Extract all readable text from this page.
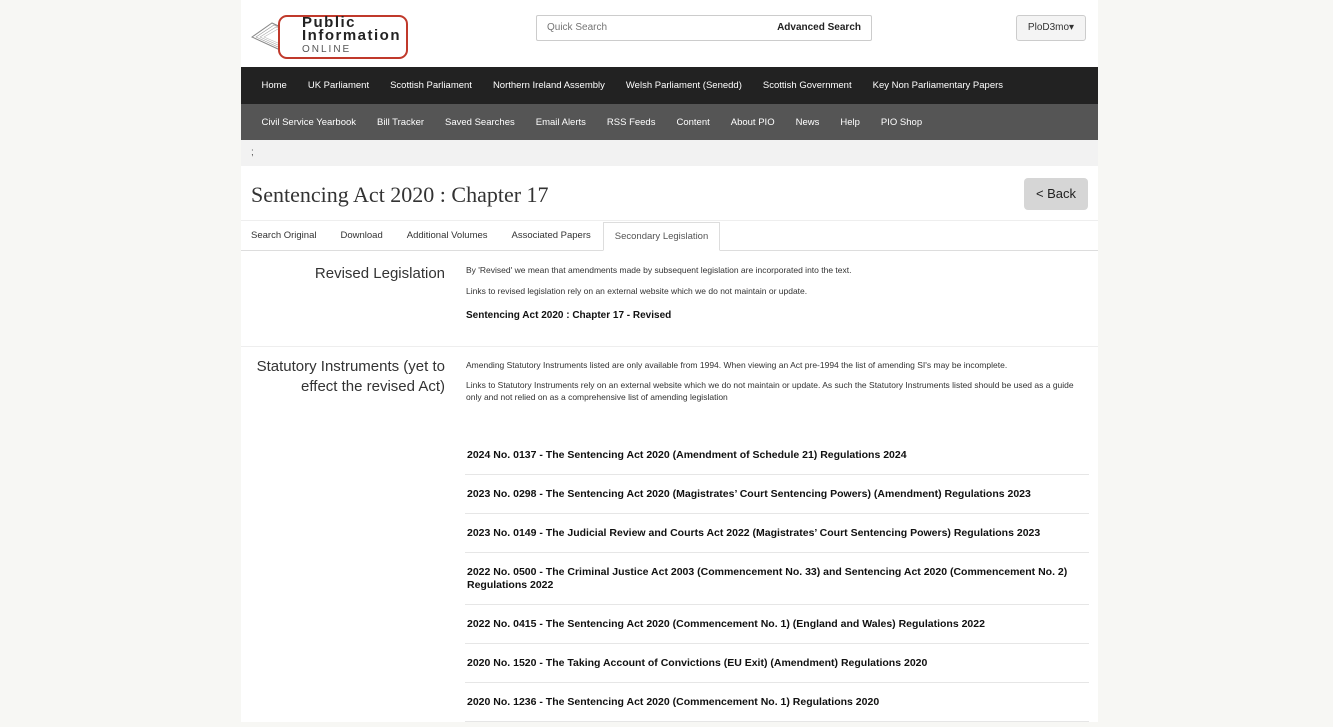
Public
Information
ONLINE
Quick Search
Advanced Search	PloD3mo▾
Home UK Parliament Scottish Parliament Northern Ireland Assembly Welsh Parliament (Senedd) Scottish Government Key Non Parliamentary Papers
Civil Service Yearbook Bill Tracker Saved Searches Email Alerts RSS Feeds Content About PIO News Help PIO Shop
;
Sentencing Act 2020 : Chapter 17	< Back
Search Original	Download	Additional Volumes	Associated Papers	Secondary Legislation
Revised Legislation By 'Revised' we mean that amendments made by subsequent legislation are incorporated into the text.
Links to revised legislation rely on an external website which we do not maintain or update.
Sentencing Act 2020 : Chapter 17 - Revised
Statutory Instruments (yet to
effect the revised Act)
Amending Statutory Instruments listed are only available from 1994. When viewing an Act pre-1994 the list of amending SI's may be incomplete.
Links to Statutory Instruments rely on an external website which we do not maintain or update. As such the Statutory Instruments listed should be used as a guide only and not relied on as a comprehensive list of amending legislation
2024 No. 0137 - The Sentencing Act 2020 (Amendment of Schedule 21) Regulations 2024
2023 No. 0298 - The Sentencing Act 2020 (Magistrates’ Court Sentencing Powers) (Amendment) Regulations 2023
2023 No. 0149 - The Judicial Review and Courts Act 2022 (Magistrates’ Court Sentencing Powers) Regulations 2023
2022 No. 0500 - The Criminal Justice Act 2003 (Commencement No. 33) and Sentencing Act 2020 (Commencement No. 2) Regulations 2022
2022 No. 0415 - The Sentencing Act 2020 (Commencement No. 1) (England and Wales) Regulations 2022
2020 No. 1520 - The Taking Account of Convictions (EU Exit) (Amendment) Regulations 2020
2020 No. 1236 - The Sentencing Act 2020 (Commencement No. 1) Regulations 2020
